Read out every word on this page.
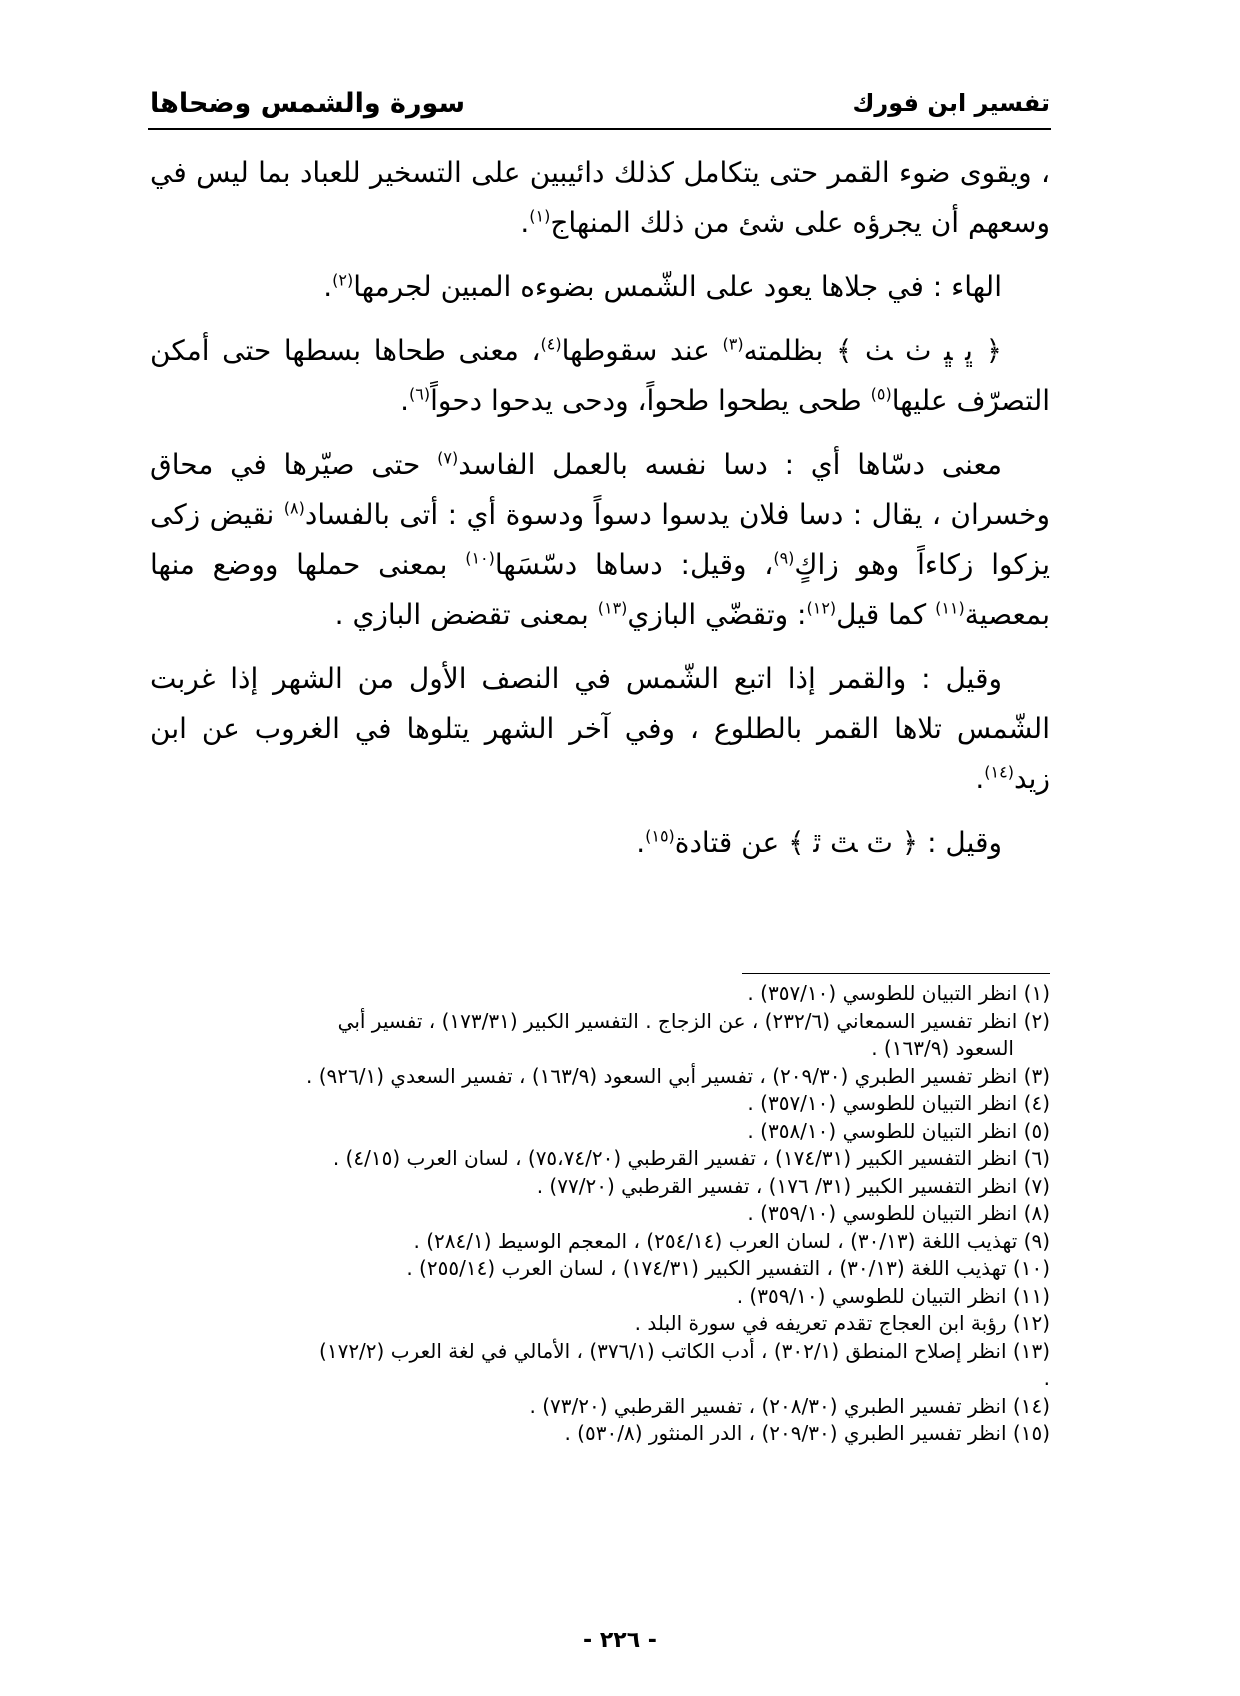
تفسير ابن فورك
سورة والشمس وضحاها

، ويقوى ضوء القمر حتى يتكامل كذلك دائيبين على التسخير للعباد بما ليس في وسعهم أن يجرؤه على شئ من ذلك المنهاج$^{(١)}$.

الهاء : في جلاها يعود على الشّمس بضوءه المبين لجرمها$^{(٢)}$.

﴿ ﭜ ﭝ ﭞ ﭟ ﴾ بظلمته$^{(٣)}$ عند سقوطها$^{(٤)}$، معنى طحاها بسطها حتى أمكن التصرّف عليها$^{(٥)}$ طحى يطحوا طحواً، ودحى يدحوا دحواً$^{(٦)}$.

معنى دسّاها أي : دسا نفسه بالعمل الفاسد$^{(٧)}$ حتى صيّرها في محاق وخسران ، يقال : دسا فلان يدسوا دسواً ودسوة أي : أتى بالفساد$^{(٨)}$ نقيض زكى يزكوا زكاءاً وهو زاكٍ$^{(٩)}$، وقيل: دساها دسّسَها$^{(١٠)}$ بمعنى حملها ووضع منها بمعصية$^{(١١)}$ كما قيل$^{(١٢)}$: وتقضّي البازي$^{(١٣)}$ بمعنى تقضض البازي .

وقيل : والقمر إذا اتبع الشّمس في النصف الأول من الشهر إذا غربت الشّمس تلاها القمر بالطلوع ، وفي آخر الشهر يتلوها في الغروب عن ابن زيد$^{(١٤)}$.

وقيل : ﴿ ﭢ ﭣ ﭤ ﴾ عن قتادة$^{(١٥)}$.

(١) انظر التبيان للطوسي (٣٥٧/١٠) .

(٢) انظر تفسير السمعاني (٢٣٢/٦) ، عن الزجاج . التفسير الكبير (١٧٣/٣١) ، تفسير أبي

السعود (١٦٣/٩) .

(٣) انظر تفسير الطبري (٢٠٩/٣٠) ، تفسير أبي السعود (١٦٣/٩) ، تفسير السعدي (٩٢٦/١) .

(٤) انظر التبيان للطوسي (٣٥٧/١٠) .

(٥) انظر التبيان للطوسي (٣٥٨/١٠) .

(٦) انظر التفسير الكبير (١٧٤/٣١) ، تفسير القرطبي (٧٥،٧٤/٢٠) ، لسان العرب (٤/١٥) .

(٧) انظر التفسير الكبير (٣١/ ١٧٦) ، تفسير القرطبي (٧٧/٢٠) .

(٨) انظر التبيان للطوسي (٣٥٩/١٠) .

(٩) تهذيب اللغة (٣٠/١٣) ، لسان العرب (٢٥٤/١٤) ، المعجم الوسيط (٢٨٤/١) .

(١٠) تهذيب اللغة (٣٠/١٣) ، التفسير الكبير (١٧٤/٣١) ، لسان العرب (٢٥٥/١٤) .

(١١) انظر التبيان للطوسي (٣٥٩/١٠) .

(١٢) رؤبة ابن العجاج تقدم تعريفه في سورة البلد .

(١٣) انظر إصلاح المنطق (٣٠٢/١) ، أدب الكاتب (٣٧٦/١) ، الأمالي في لغة العرب (١٧٢/٢)

.

(١٤) انظر تفسير الطبري (٢٠٨/٣٠) ، تفسير القرطبي (٧٣/٢٠) .

(١٥) انظر تفسير الطبري (٢٠٩/٣٠) ، الدر المنثور (٥٣٠/٨) .

- ٢٢٦ -
